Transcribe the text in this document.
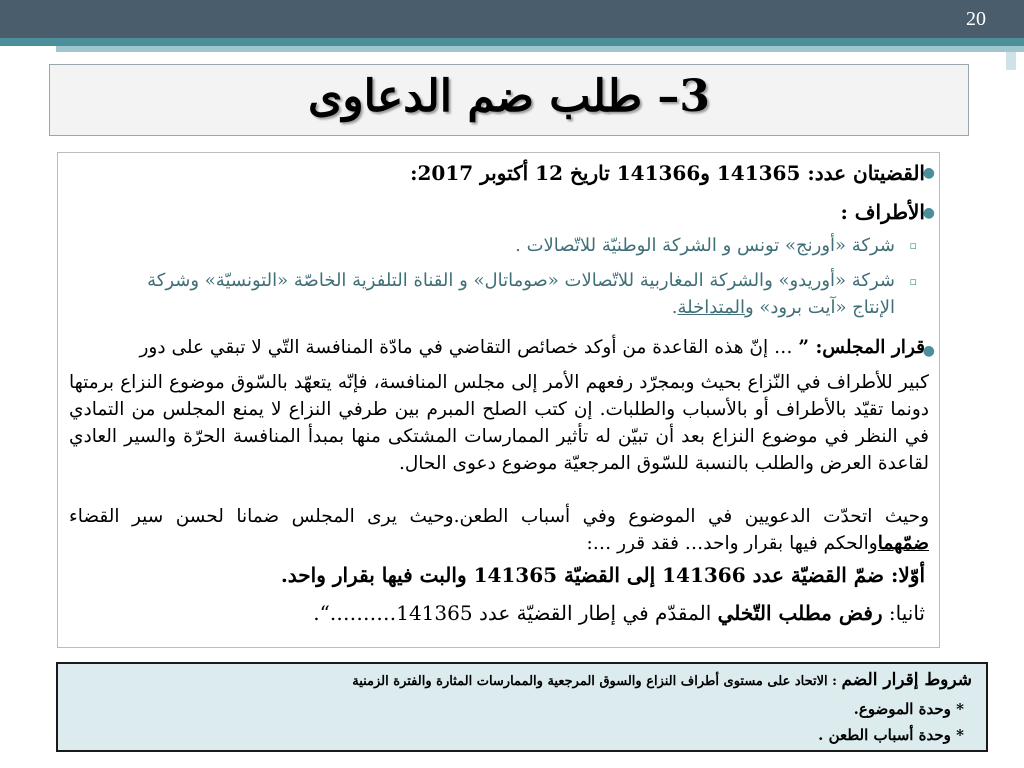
20
3– طلب ضم الدعاوى
●
القضيتان عدد: 141365 و141366 تاريخ 12 أكتوبر 2017:
●
الأطراف :
▫
شركة «أورنج» تونس و الشركة الوطنيّة للاتّصالات .
▫
شركة «أوريدو» والشركة المغاربية للاتّصالات «صوماتال» و القناة التلفزية الخاصّة «التونسيّة» وشركة
الإنتاج «آيت برود» والمتداخلة.
●
قرار المجلس: ” … إنّ هذه القاعدة من أوكد خصائص التقاضي في مادّة المنافسة التّي لا تبقي على دور
كبير للأطراف في النّزاع بحيث وبمجرّد رفعهم الأمر إلى مجلس المنافسة، فإنّه يتعهّد بالسّوق موضوع النزاع برمتها دونما تقيّد بالأطراف أو بالأسباب والطلبات. إن كتب الصلح المبرم بين طرفي النزاع لا يمنع المجلس من التمادي في النظر في موضوع النزاع بعد أن تبيّن له تأثير الممارسات المشتكى منها بمبدأ المنافسة الحرّة والسير العادي لقاعدة العرض والطلب بالنسبة للسّوق المرجعيّة موضوع دعوى الحال.
وحيث اتحدّت الدعويين في الموضوع وفي أسباب الطعن.وحيث يرى المجلس ضمانا لحسن سير القضاء ضمّهماوالحكم فيها بقرار واحد… فقد قرر …:
أوّلا: ضمّ القضيّة عدد 141366 إلى القضيّة 141365 والبت فيها بقرار واحد.
ثانيا: رفض مطلب التّخلي المقدّم في إطار القضيّة عدد 141365……….“.
شروط إقرار الضم : الاتحاد على مستوى أطراف النزاع والسوق المرجعية والممارسات المثارة والفترة الزمنية
* وحدة الموضوع.
* وحدة أسباب الطعن .
